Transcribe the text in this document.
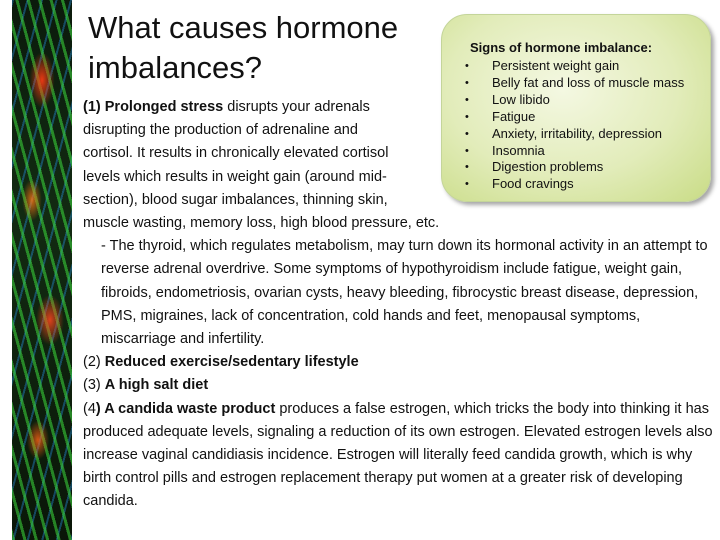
What causes hormone imbalances?
Signs of hormone imbalance:
• Persistent weight gain
• Belly fat and loss of muscle mass
• Low libido
• Fatigue
• Anxiety, irritability, depression
• Insomnia
• Digestion problems
• Food cravings

(1) Prolonged stress disrupts your adrenals

disrupting the production of adrenaline and

cortisol. It results in chronically elevated cortisol

levels which results in weight gain (around mid-

section), blood sugar imbalances, thinning skin,

muscle wasting, memory loss, high blood pressure, etc.

- The thyroid, which regulates metabolism, may turn down its hormonal activity in an attempt to reverse adrenal overdrive. Some symptoms of hypothyroidism include fatigue, weight gain, fibroids, endometriosis, ovarian cysts, heavy bleeding, fibrocystic breast disease, depression, PMS, migraines, lack of concentration, cold hands and feet, menopausal symptoms, miscarriage and infertility.

(2) Reduced exercise/sedentary lifestyle

(3) A high salt diet

(4) A candida waste product produces a false estrogen, which tricks the body into thinking it has produced adequate levels, signaling a reduction of its own estrogen. Elevated estrogen levels also increase vaginal candidiasis incidence. Estrogen will literally feed candida growth, which is why birth control pills and estrogen replacement therapy put women at a greater risk of developing candida.
